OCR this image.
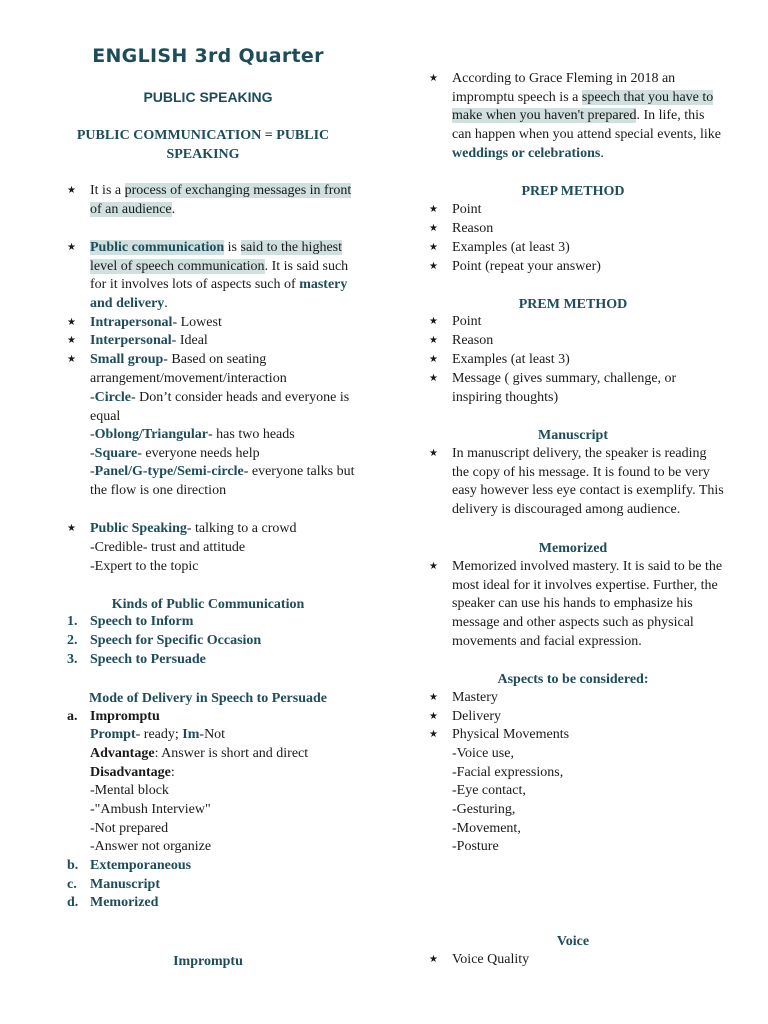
ENGLISH 3rd Quarter
PUBLIC SPEAKING
PUBLIC COMMUNICATION = PUBLIC SPEAKING
★ It is a process of exchanging messages in front of an audience.
★ Public communication is said to the highest level of speech communication. It is said such for it involves lots of aspects such of mastery and delivery.
★ Intrapersonal- Lowest
★ Interpersonal- Ideal
★ Small group- Based on seating arrangement/movement/interaction
-Circle- Don’t consider heads and everyone is equal
-Oblong/Triangular- has two heads
-Square- everyone needs help
-Panel/G-type/Semi-circle- everyone talks but the flow is one direction
★ Public Speaking- talking to a crowd
-Credible- trust and attitude
-Expert to the topic
Kinds of Public Communication
1. Speech to Inform
2. Speech for Specific Occasion
3. Speech to Persuade
Mode of Delivery in Speech to Persuade
a. Impromptu
Prompt- ready; Im-Not
Advantage: Answer is short and direct
Disadvantage:
-Mental block
-"Ambush Interview"
-Not prepared
-Answer not organize
b. Extemporaneous
c. Manuscript
d. Memorized
Impromptu
★ According to Grace Fleming in 2018 an impromptu speech is a speech that you have to make when you haven't prepared. In life, this can happen when you attend special events, like weddings or celebrations.
PREP METHOD
★ Point
★ Reason
★ Examples (at least 3)
★ Point (repeat your answer)
PREM METHOD
★ Point
★ Reason
★ Examples (at least 3)
★ Message ( gives summary, challenge, or inspiring thoughts)
Manuscript
★ In manuscript delivery, the speaker is reading the copy of his message. It is found to be very easy however less eye contact is exemplify. This delivery is discouraged among audience.
Memorized
★ Memorized involved mastery. It is said to be the most ideal for it involves expertise. Further, the speaker can use his hands to emphasize his message and other aspects such as physical movements and facial expression.
Aspects to be considered:
★ Mastery
★ Delivery
★ Physical Movements
-Voice use,
-Facial expressions,
-Eye contact,
-Gesturing,
-Movement,
-Posture
Voice
★ Voice Quality
